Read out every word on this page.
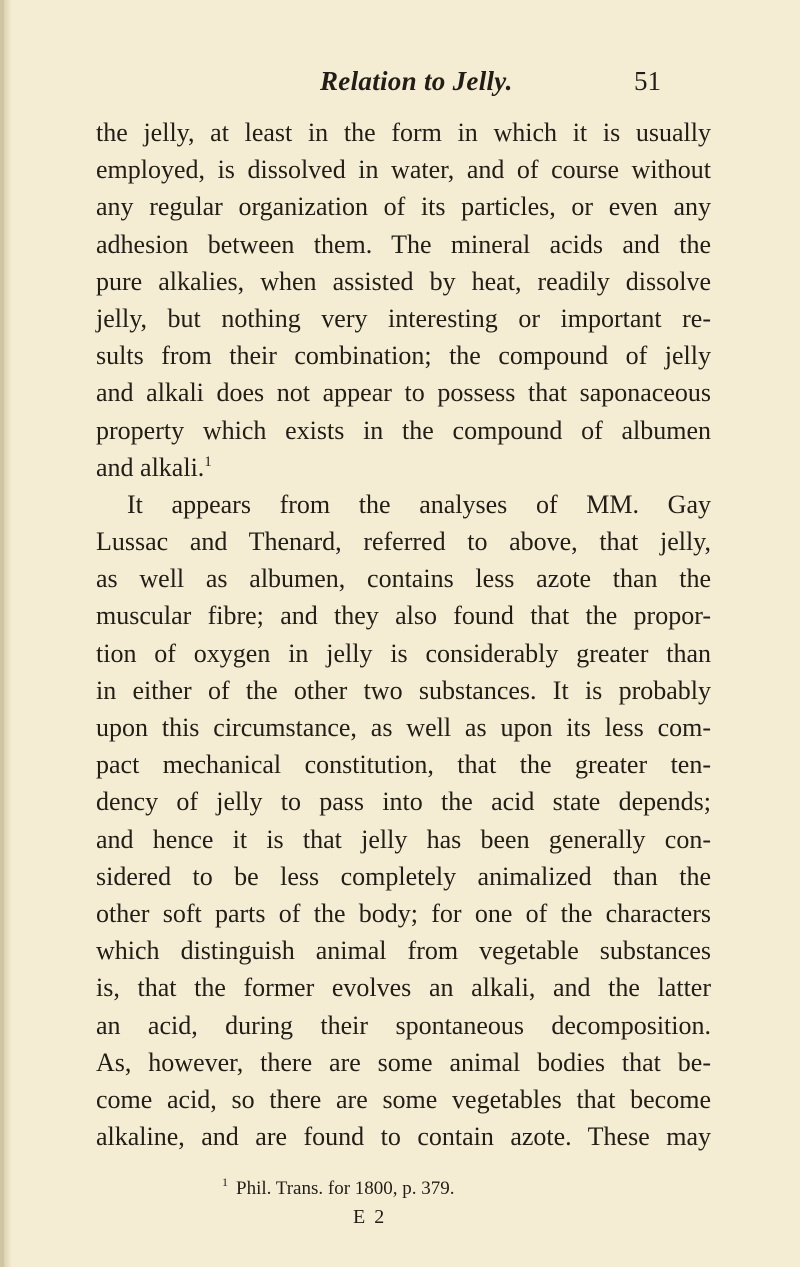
Relation to Jelly.	51
the jelly, at least in the form in which it is usually
employed, is dissolved in water, and of course without
any regular organization of its particles, or even any
adhesion between them. The mineral acids and the
pure alkalies, when assisted by heat, readily dissolve
jelly, but nothing very interesting or important re-
sults from their combination; the compound of jelly
and alkali does not appear to possess that saponaceous
property which exists in the compound of albumen
and alkali.$^1$
It appears from the analyses of MM. Gay
Lussac and Thenard, referred to above, that jelly,
as well as albumen, contains less azote than the
muscular fibre; and they also found that the propor-
tion of oxygen in jelly is considerably greater than
in either of the other two substances. It is probably
upon this circumstance, as well as upon its less com-
pact mechanical constitution, that the greater ten-
dency of jelly to pass into the acid state depends;
and hence it is that jelly has been generally con-
sidered to be less completely animalized than the
other soft parts of the body; for one of the characters
which distinguish animal from vegetable substances
is, that the former evolves an alkali, and the latter
an acid, during their spontaneous decomposition.
As, however, there are some animal bodies that be-
come acid, so there are some vegetables that become
alkaline, and are found to contain azote. These may
$^1$ Phil. Trans. for 1800, p. 379.
E 2
